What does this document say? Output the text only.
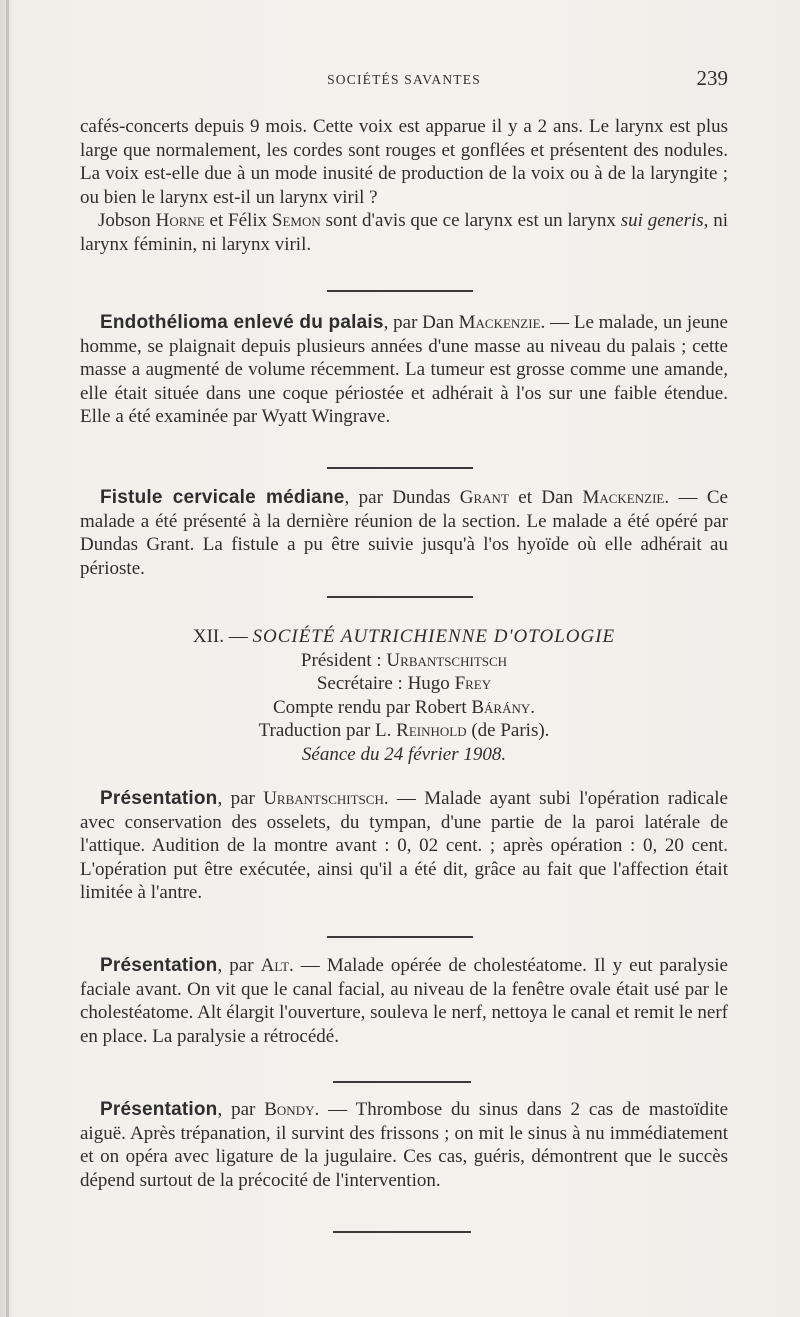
SOCIÉTÉS SAVANTES	239

cafés-concerts depuis 9 mois. Cette voix est apparue il y a 2 ans. Le larynx est plus large que normalement, les cordes sont rouges et gonflées et présentent des nodules. La voix est-elle due à un mode inusité de production de la voix ou à de la laryngite ; ou bien le larynx est-il un larynx viril ?

Jobson Horne et Félix Semon sont d'avis que ce larynx est un larynx sui generis, ni larynx féminin, ni larynx viril.

Endothélioma enlevé du palais, par Dan Mackenzie. — Le malade, un jeune homme, se plaignait depuis plusieurs années d'une masse au niveau du palais ; cette masse a augmenté de volume récemment. La tumeur est grosse comme une amande, elle était située dans une coque périostée et adhérait à l'os sur une faible étendue. Elle a été examinée par Wyatt Wingrave.

Fistule cervicale médiane, par Dundas Grant et Dan Mackenzie. — Ce malade a été présenté à la dernière réunion de la section. Le malade a été opéré par Dundas Grant. La fistule a pu être suivie jusqu'à l'os hyoïde où elle adhérait au périoste.

XII. — SOCIÉTÉ AUTRICHIENNE D'OTOLOGIE
Président : Urbantschitsch
Secrétaire : Hugo Frey
Compte rendu par Robert Bárány.
Traduction par L. Reinhold (de Paris).
Séance du 24 février 1908.

Présentation, par Urbantschitsch. — Malade ayant subi l'opération radicale avec conservation des osselets, du tympan, d'une partie de la paroi latérale de l'attique. Audition de la montre avant : 0, 02 cent. ; après opération : 0, 20 cent. L'opération put être exécutée, ainsi qu'il a été dit, grâce au fait que l'affection était limitée à l'antre.

Présentation, par Alt. — Malade opérée de cholestéatome. Il y eut paralysie faciale avant. On vit que le canal facial, au niveau de la fenêtre ovale était usé par le cholestéatome. Alt élargit l'ouverture, souleva le nerf, nettoya le canal et remit le nerf en place. La paralysie a rétrocédé.

Présentation, par Bondy. — Thrombose du sinus dans 2 cas de mastoïdite aiguë. Après trépanation, il survint des frissons ; on mit le sinus à nu immédiatement et on opéra avec ligature de la jugulaire. Ces cas, guéris, démontrent que le succès dépend surtout de la précocité de l'intervention.
